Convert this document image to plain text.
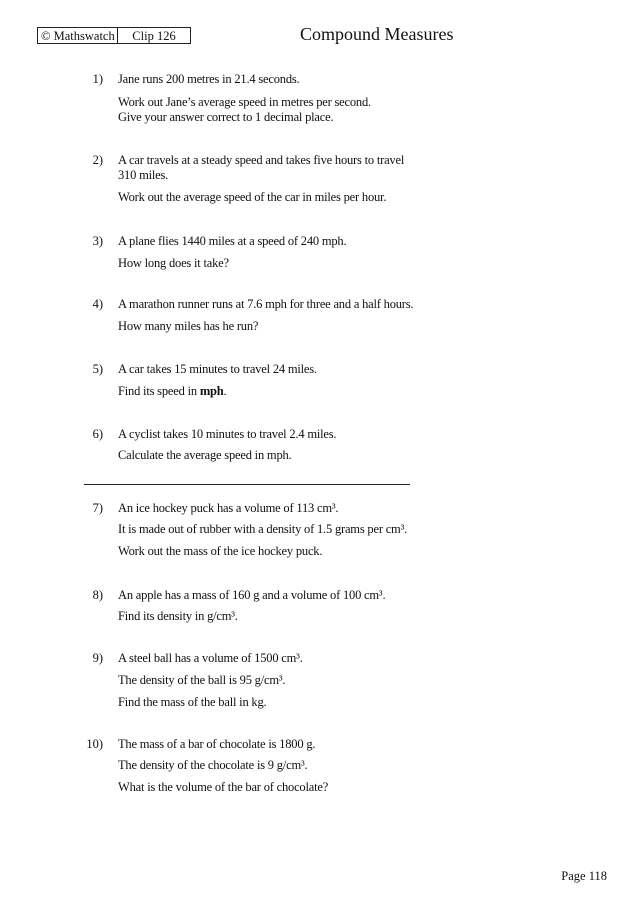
© Mathswatch	Clip 126	Compound Measures
1) Jane runs 200 metres in 21.4 seconds.
Work out Jane’s average speed in metres per second.
Give your answer correct to 1 decimal place.
2) A car travels at a steady speed and takes five hours to travel
310 miles.
Work out the average speed of the car in miles per hour.
3) A plane flies 1440 miles at a speed of 240 mph.
How long does it take?
4) A marathon runner runs at 7.6 mph for three and a half hours.
How many miles has he run?
5) A car takes 15 minutes to travel 24 miles.
Find its speed in mph.
6) A cyclist takes 10 minutes to travel 2.4 miles.
Calculate the average speed in mph.
7) An ice hockey puck has a volume of 113 cm³.
It is made out of rubber with a density of 1.5 grams per cm³.
Work out the mass of the ice hockey puck.
8) An apple has a mass of 160 g and a volume of 100 cm³.
Find its density in g/cm³.
9) A steel ball has a volume of 1500 cm³.
The density of the ball is 95 g/cm³.
Find the mass of the ball in kg.
10) The mass of a bar of chocolate is 1800 g.
The density of the chocolate is 9 g/cm³.
What is the volume of the bar of chocolate?
Page 118
